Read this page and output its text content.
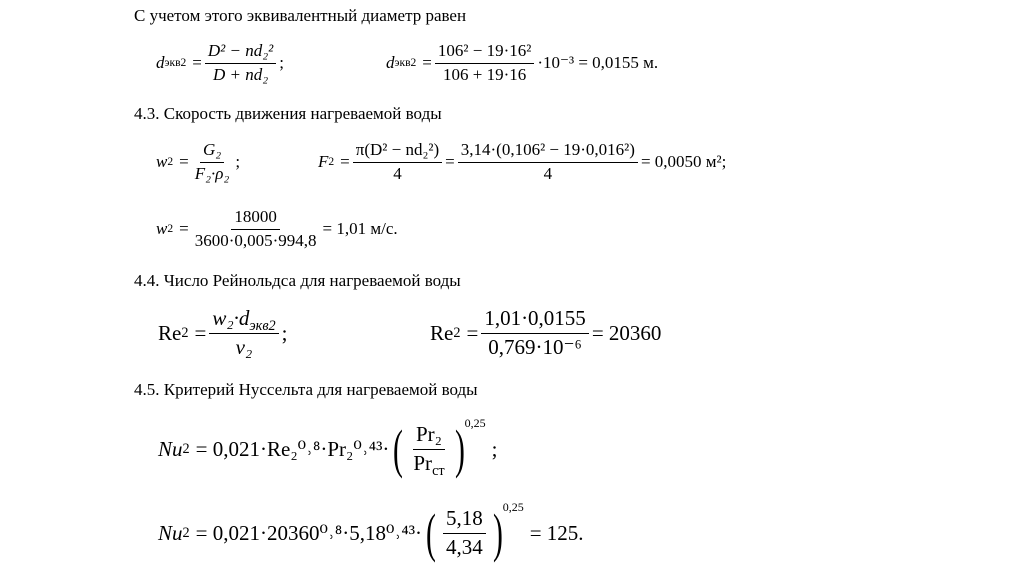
С учетом этого эквивалентный диаметр равен
d $экв2 = \frac{\text{D² − nd₂²}}{\text{D + nd₂}}$ ;	d $экв2 = \frac{\text{106² − 19·16²}}{106 + 19\cdot 16} \cdot 10^{-3} = 0,0155$ м.
4.3. Скорость движения нагреваемой воды
w $2 = \frac{\text{G₂}}{\text{F₂·ρ₂}}$ ;	F $2 = \frac{\text{π(D² − nd₂²)}}{4} = \frac{\text{3,14·(0,106² − 19·0,016²)}}{4} = 0,0050$ м²;
w $2 = \frac{18000}{3600\cdot 0,005\cdot 994,8} = 1,01$ м/с.
4.4. Число Рейнольдса для нагреваемой воды
Re $2 = \frac{w_2\cdot d_{экв2}}{\text{ν₂}}$ ;	Re $2 = \frac{1,01\cdot 0,0155}{\text{0,769·10⁻⁶}} = 20360$
4.5. Критерий Нуссельта для нагреваемой воды
Nu 2 = 0,021·Re₂⁰˒⁸·Pr₂⁰˒⁴³· ( $\frac{\text{Pr₂}}{Pr_{ст}}$ ) 0,25
;
Nu 2 = 0,021·20360⁰˒⁸·5,18⁰˒⁴³· ( $\frac{5,18}{4,34}$ ) 0,25
= 125.
